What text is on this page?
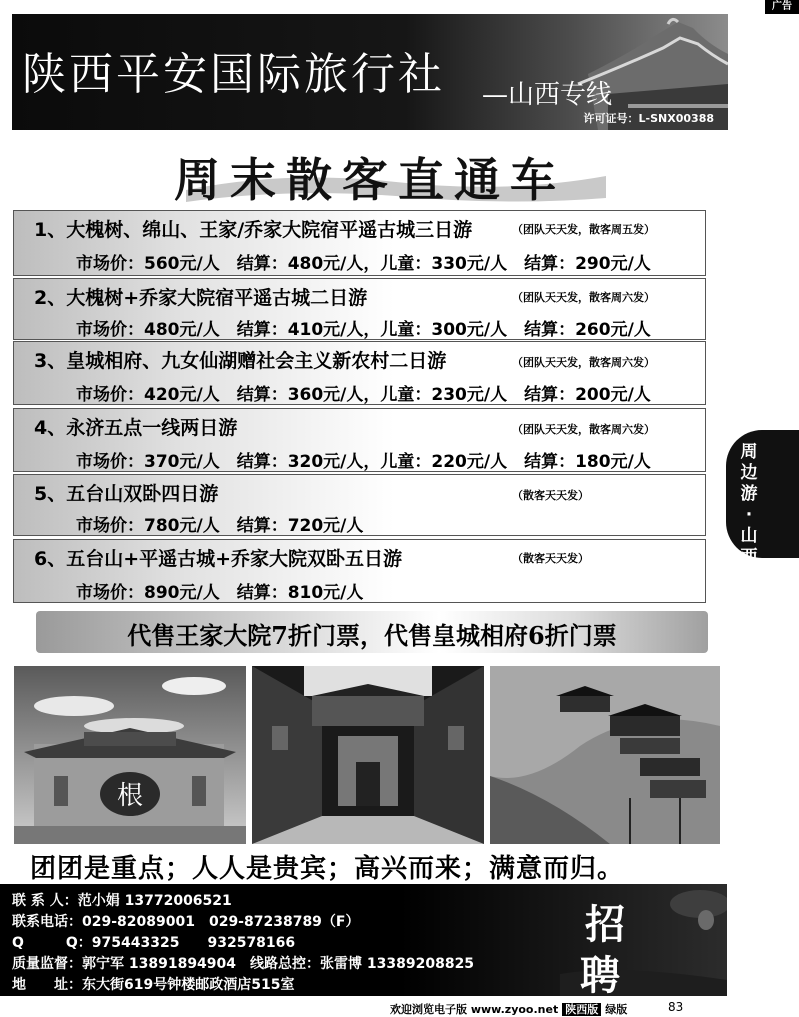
广告
陕西平安国际旅行社 —山西专线
许可证号：L-SNX00388
周末散客直通车
1、大槐树、绵山、王家/乔家大院宿平遥古城三日游	（团队天天发，散客周五发）
市场价：560元/人　结算：480元/人，儿童：330元/人　结算：290元/人
2、大槐树+乔家大院宿平遥古城二日游	（团队天天发，散客周六发）
市场价：480元/人　结算：410元/人，儿童：300元/人　结算：260元/人
3、皇城相府、九女仙湖赠社会主义新农村二日游	（团队天天发，散客周六发）
市场价：420元/人　结算：360元/人，儿童：230元/人　结算：200元/人
4、永济五点一线两日游	（团队天天发，散客周六发）
市场价：370元/人　结算：320元/人，儿童：220元/人　结算：180元/人
5、五台山双卧四日游	（散客天天发）
市场价：780元/人　结算：720元/人
6、五台山+平遥古城+乔家大院双卧五日游	（散客天天发）
市场价：890元/人　结算：810元/人
周边游·山西
代售王家大院7折门票，代售皇城相府6折门票
根
团团是重点；人人是贵宾；高兴而来；满意而归。
联 系 人：范小娟 13772006521
联系电话：029-82089001　029-87238789（F）
Q　　　Q：975443325　　932578166
质量监督：郭宁军 13891894904　线路总控：张雷博 13389208825
地　　址：东大街619号钟楼邮政酒店515室
招
聘
欢迎浏览电子版 www.zyoo.net 陕西版 绿版	83
